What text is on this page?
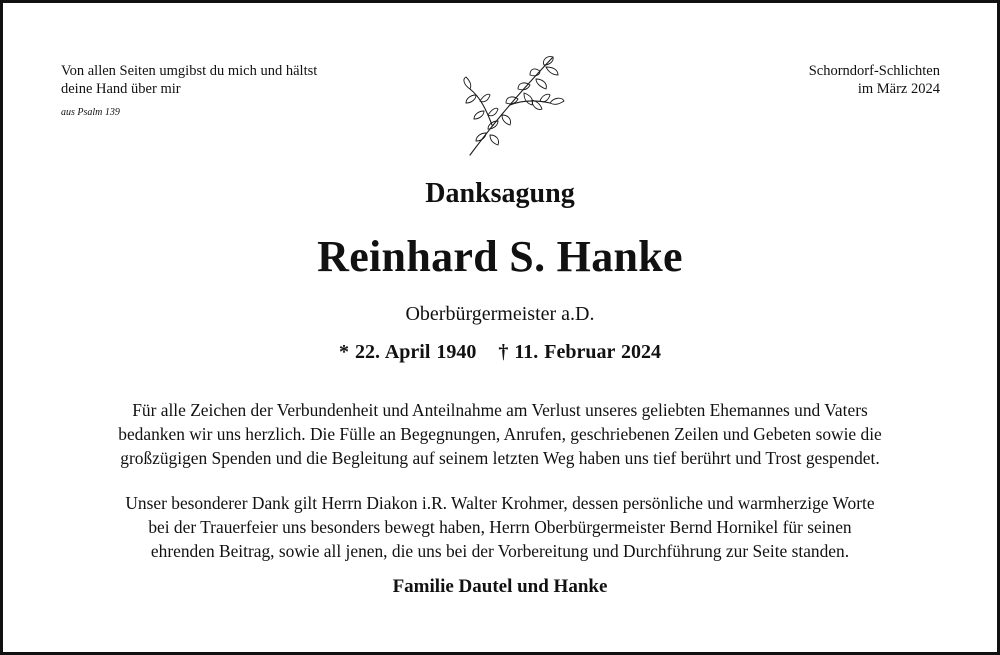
Von allen Seiten umgibst du mich und hältst
deine Hand über mir
aus Psalm 139
Schorndorf-Schlichten
im März 2024
Danksagung
Reinhard S. Hanke
Oberbürgermeister a.D.
* 22. April 1940 † 11. Februar 2024
Für alle Zeichen der Verbundenheit und Anteilnahme am Verlust unseres geliebten Ehemannes und Vaters
bedanken wir uns herzlich. Die Fülle an Begegnungen, Anrufen, geschriebenen Zeilen und Gebeten sowie die
großzügigen Spenden und die Begleitung auf seinem letzten Weg haben uns tief berührt und Trost gespendet.
Unser besonderer Dank gilt Herrn Diakon i.R. Walter Krohmer, dessen persönliche und warmherzige Worte
bei der Trauerfeier uns besonders bewegt haben, Herrn Oberbürgermeister Bernd Hornikel für seinen
ehrenden Beitrag, sowie all jenen, die uns bei der Vorbereitung und Durchführung zur Seite standen.
Familie Dautel und Hanke
